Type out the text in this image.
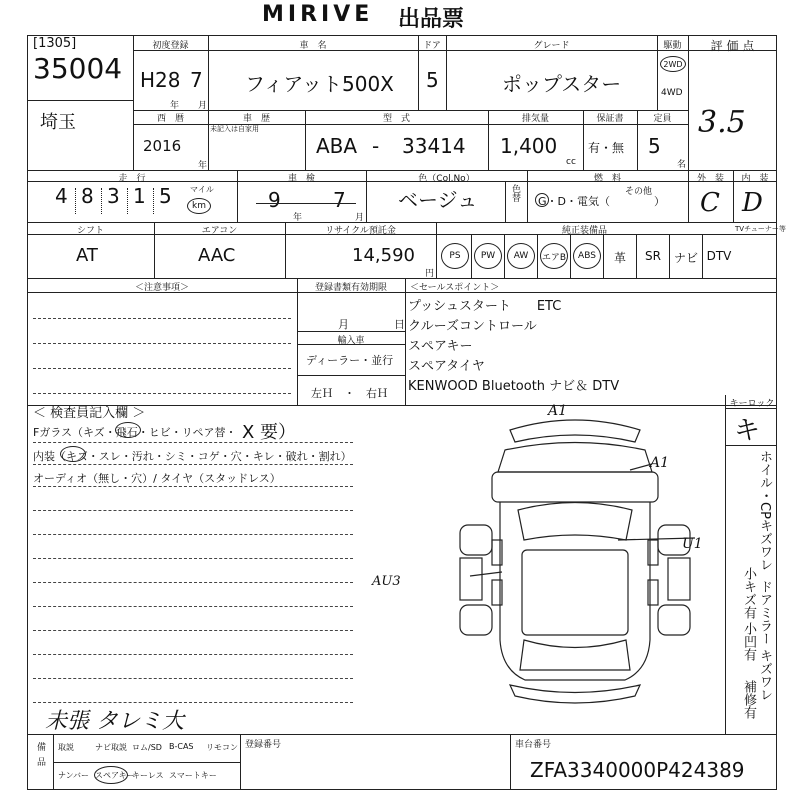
MIRIVE 出品票
[1305]
35004
埼玉
初度登録
H28 7
年 月
車　名
フィアット500X
ドア
5
グレード
ポップスター
駆動
2WD
4WD
評 価 点
3.5
西　暦
2016
年
車　歴
未記入は自家用
型　式
ABA - 33414
排気量
1,400
cc
保証書
有・無
定員
5
名
走　行
4 8 3 1 5 マイル
km
車　検
9	7
年	月
色（Col.No）
ベージュ	色替
燃　料
G・D・電気（　　　　）
その他
外　装
C
内　装
D
シフト
AT
エアコン
AAC
リサイクル預託金
14,590
円
純正装備品	TVチューナー等
PS	PW	AW	エアB	ABS	革	SR	ナビ DTV
＜注意事項＞	登録書類有効期限
月	日
輸入車
ディーラー・並行
左Ｈ　・　右Ｈ
＜セールスポイント＞
プッシュスタート　　ETC
クルーズコントロール
スペアキー
スペアタイヤ
KENWOOD Bluetooth ナビ＆ DTV
＜ 検査員記入欄 ＞
Fガラス（キズ・飛石・ヒビ・リペア替・ X 要）
内装（キズ・スレ・汚れ・シミ・コゲ・穴・キレ・破れ・割れ）
オーディオ（無し・穴）/ タイヤ（スタッドレス）
未張 タレミ大
A1
A1
U1
AU3
キーロック
キ
ホイル・CPキズワレ
小キズ有 ドアミラー キズワレ
小凹有
補修有
備品 取説	ナビ取説 ロム/SD B-CAS リモコン
ナンバー スペアキー
キーレス スマートキー
登録番号	車台番号
ZFA3340000P424389
